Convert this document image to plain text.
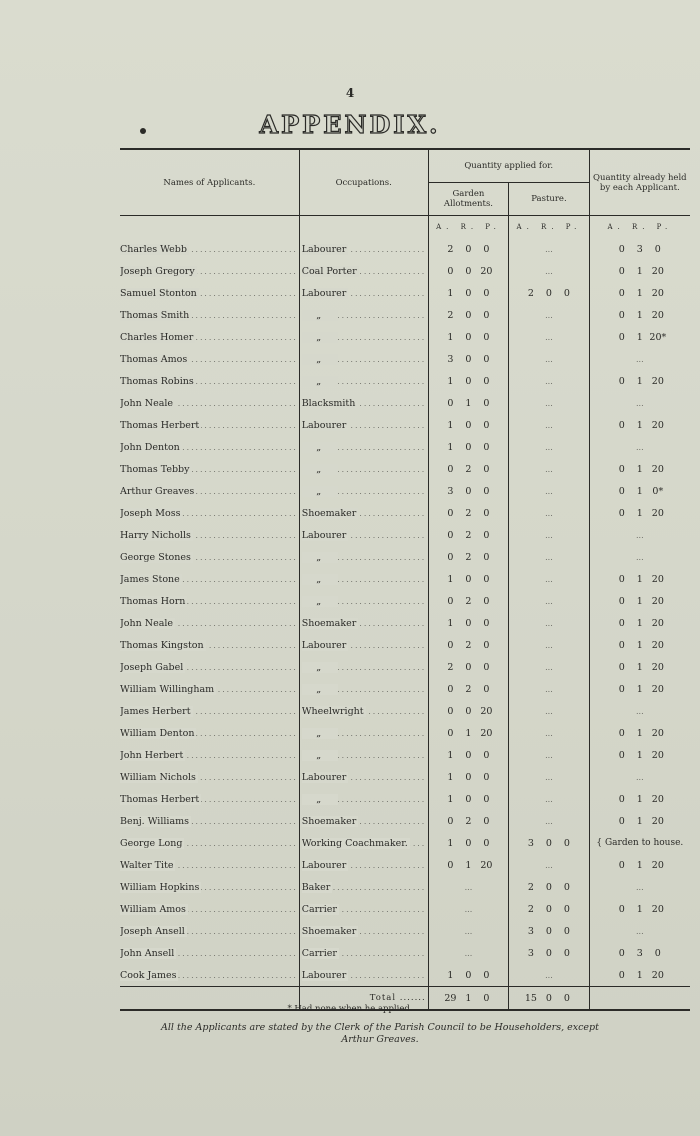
4
APPENDIX.
Names of Applicants.	Occupations.	Quantity applied for.		Quantity already held by each Applicant.
		Garden Allotments.	Pasture.	
		A. R. P.	A. R. P.	A. R. P.

Charles Webb . . .	Labourer . . .	2 0 0	...	0 3 0

Joseph Gregory . . .	Coal Porter . . .	0 0 20	...	0 1 20

Samuel Stonton . . .	Labourer . . .	1 0 0	2 0 0	0 1 20

Thomas Smith . . .	„ . . .	2 0 0	...	0 1 20

Charles Homer . . .	„ . . .	1 0 0	...	0 1 20*

Thomas Amos . . .	„ . . .	3 0 0	...	...

Thomas Robins . . .	„ . . .	1 0 0	...	0 1 20

John Neale . . .	Blacksmith . . .	0 1 0	...	...

Thomas Herbert . . .	Labourer . . .	1 0 0	...	0 1 20

John Denton . . .	„ . . .	1 0 0	...	...

Thomas Tebby . . .	„ . . .	0 2 0	...	0 1 20

Arthur Greaves . . .	„ . . .	3 0 0	...	0 1 0*

Joseph Moss . . .	Shoemaker . . .	0 2 0	...	0 1 20

Harry Nicholls . . .	Labourer . . .	0 2 0	...	...

George Stones . . .	„ . . .	0 2 0	...	...

James Stone . . .	„ . . .	1 0 0	...	0 1 20

Thomas Horn . . .	„ . . .	0 2 0	...	0 1 20

John Neale . . .	Shoemaker . . .	1 0 0	...	0 1 20

Thomas Kingston . . .	Labourer . . .	0 2 0	...	0 1 20

Joseph Gabel . . .	„ . . .	2 0 0	...	0 1 20

William Willingham . . .	„ . . .	0 2 0	...	0 1 20

James Herbert . . .	Wheelwright . . .	0 0 20	...	...

William Denton . . .	„ . . .	0 1 20	...	0 1 20

John Herbert . . .	„ . . .	1 0 0	...	0 1 20

William Nichols . . .	Labourer . . .	1 0 0	...	...

Thomas Herbert . . .	„ . . .	1 0 0	...	0 1 20

Benj. Williams . . .	Shoemaker . . .	0 2 0	...	0 1 20

George Long . . .	Working Coachmaker. . . .	1 0 0	3 0 0	{ Garden to house.

Walter Tite . . .	Labourer . . .	0 1 20	...	0 1 20

William Hopkins . . .	Baker . . .	...	2 0 0	...

William Amos . . .	Carrier . . .	...	2 0 0	0 1 20

Joseph Ansell . . .	Shoemaker . . .	...	3 0 0	...

John Ansell . . .	Carrier . . .	...	3 0 0	0 3 0

Cook James . . .	Labourer . . .	1 0 0	...	0 1 20
	Total .......	29 1 0	15 0 0	
* Had none when he applied.
All the Applicants are stated by the Clerk of the Parish Council to be Householders, except Arthur Greaves.
